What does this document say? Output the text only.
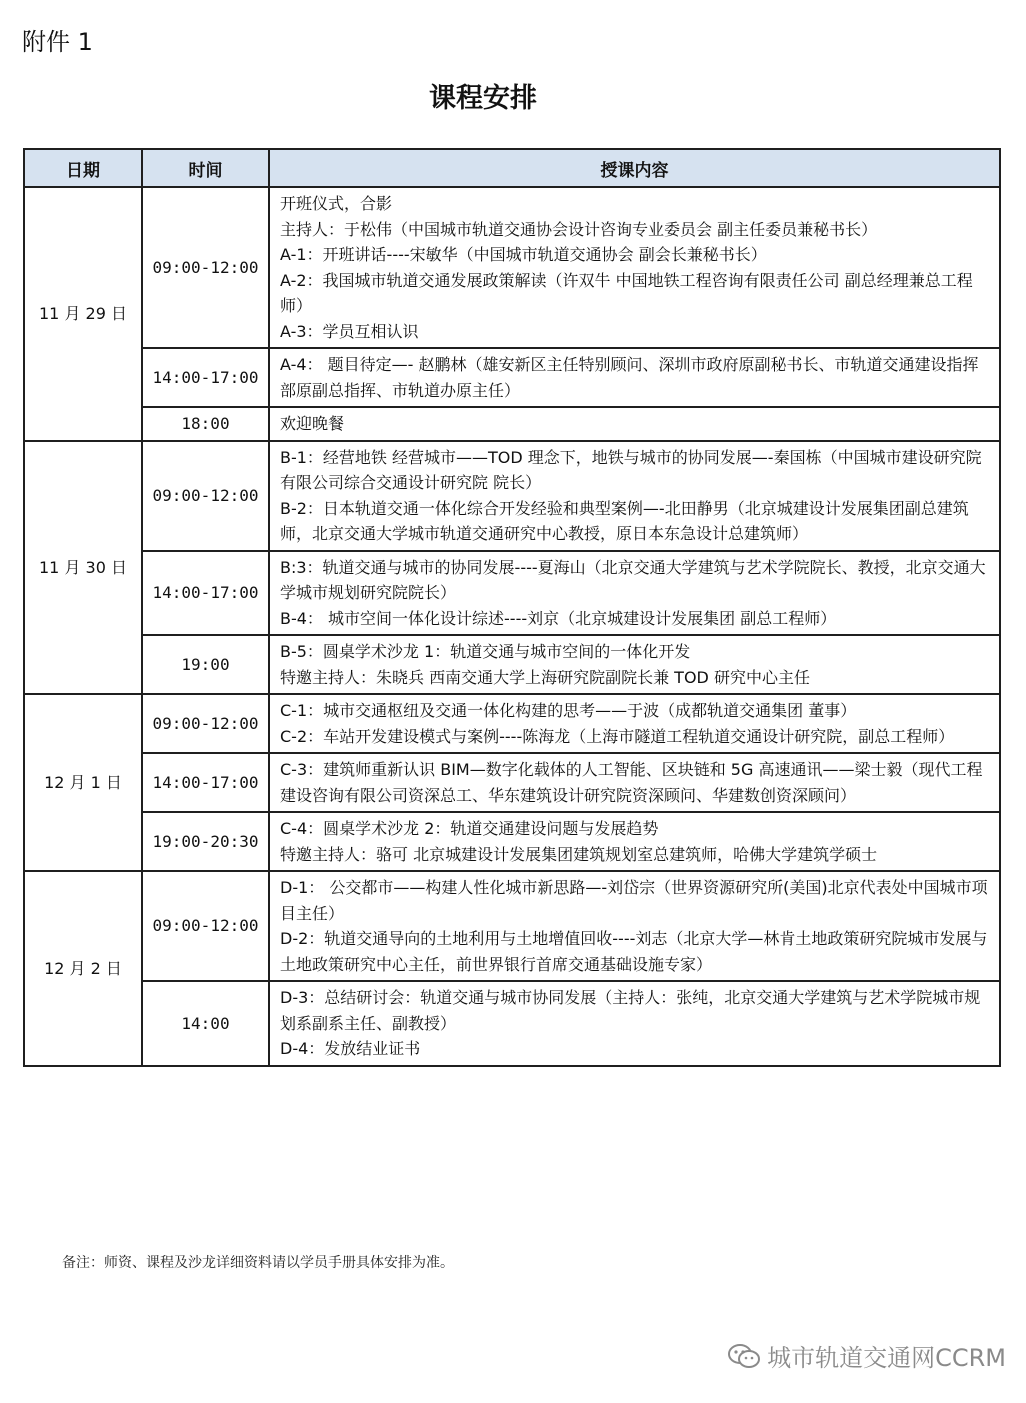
附件 1
课程安排
日期	时间	授课内容
11 月 29 日	09:00-12:00	开班仪式，合影
主持人：于松伟（中国城市轨道交通协会设计咨询专业委员会 副主任委员兼秘书长）
A-1：开班讲话----宋敏华（中国城市轨道交通协会 副会长兼秘书长）
A-2：我国城市轨道交通发展政策解读（许双牛 中国地铁工程咨询有限责任公司 副总经理兼总工程师）
A-3：学员互相认识

	14:00-17:00	A-4： 题目待定—- 赵鹏林（雄安新区主任特别顾问、深圳市政府原副秘书长、市轨道交通建设指挥部原副总指挥、市轨道办原主任）

	18:00	欢迎晚餐

11 月 30 日	09:00-12:00	B-1：经营地铁 经营城市——TOD 理念下，地铁与城市的协同发展—-秦国栋（中国城市建设研究院有限公司综合交通设计研究院 院长）
B-2：日本轨道交通一体化综合开发经验和典型案例—-北田静男（北京城建设计发展集团副总建筑师，北京交通大学城市轨道交通研究中心教授，原日本东急设计总建筑师）

	14:00-17:00	B:3：轨道交通与城市的协同发展----夏海山（北京交通大学建筑与艺术学院院长、教授，北京交通大学城市规划研究院院长）
B-4： 城市空间一体化设计综述----刘京（北京城建设计发展集团 副总工程师）

	19:00	B-5：圆桌学术沙龙 1：轨道交通与城市空间的一体化开发
特邀主持人：朱晓兵 西南交通大学上海研究院副院长兼 TOD 研究中心主任

12 月 1 日	09:00-12:00	C-1：城市交通枢纽及交通一体化构建的思考——于波（成都轨道交通集团 董事）
C-2：车站开发建设模式与案例----陈海龙（上海市隧道工程轨道交通设计研究院，副总工程师）

	14:00-17:00	C-3：建筑师重新认识 BIM—数字化载体的人工智能、区块链和 5G 高速通讯——梁士毅（现代工程建设咨询有限公司资深总工、华东建筑设计研究院资深顾问、华建数创资深顾问）

	19:00-20:30	C-4：圆桌学术沙龙 2：轨道交通建设问题与发展趋势
特邀主持人：骆可 北京城建设计发展集团建筑规划室总建筑师，哈佛大学建筑学硕士

12 月 2 日	09:00-12:00	D-1： 公交都市——构建人性化城市新思路—-刘岱宗（世界资源研究所(美国)北京代表处中国城市项目主任）
D-2：轨道交通导向的土地利用与土地增值回收----刘志（北京大学—林肯土地政策研究院城市发展与土地政策研究中心主任，前世界银行首席交通基础设施专家）

	14:00	D-3：总结研讨会：轨道交通与城市协同发展（主持人：张纯，北京交通大学建筑与艺术学院城市规划系副系主任、副教授）
D-4：发放结业证书
备注：师资、课程及沙龙详细资料请以学员手册具体安排为准。
城市轨道交通网CCRM
